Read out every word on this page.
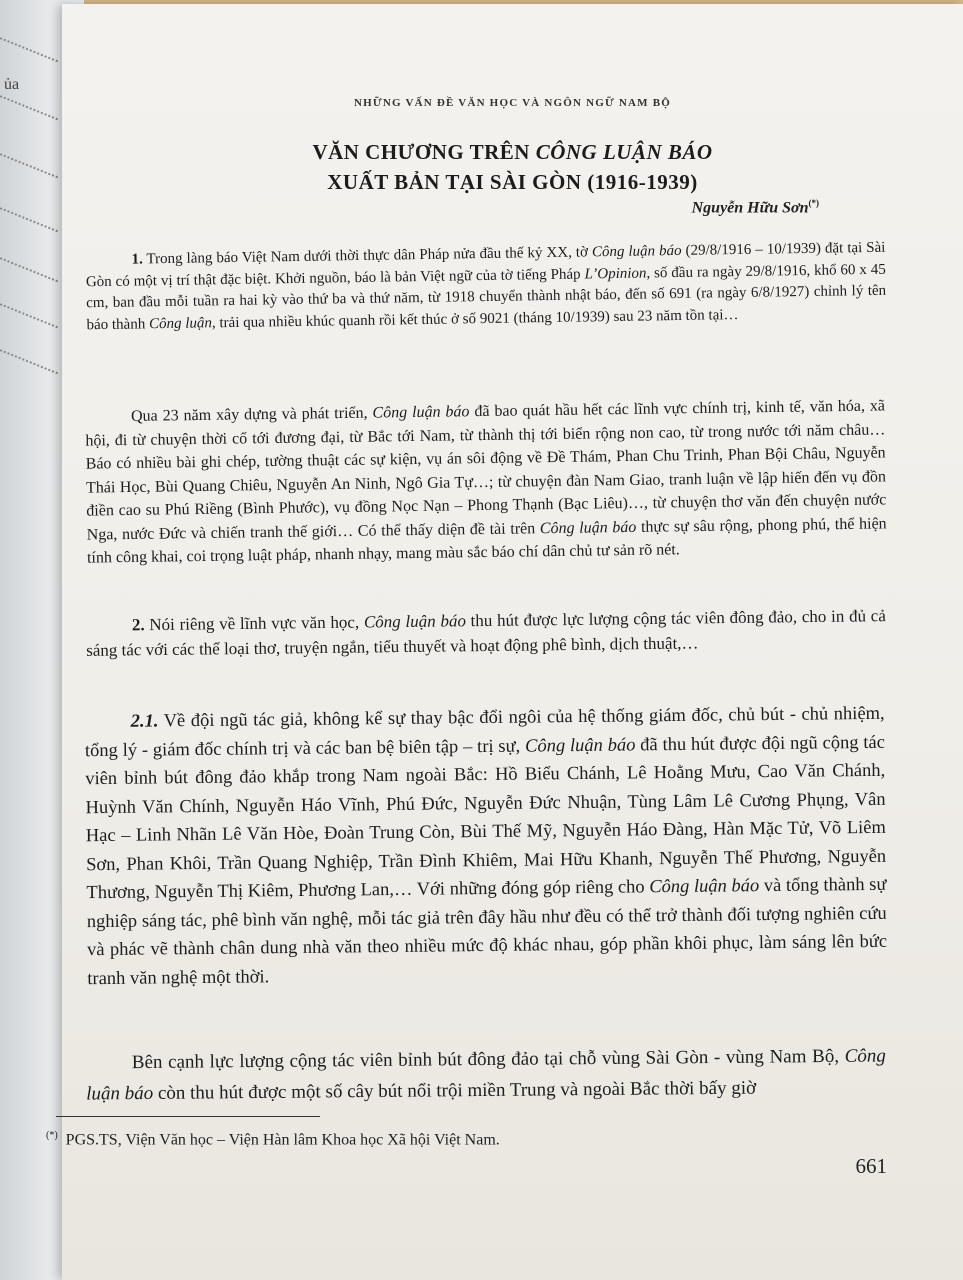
ủa
NHỮNG VẤN ĐỀ VĂN HỌC VÀ NGÔN NGỮ NAM BỘ
VĂN CHƯƠNG TRÊN CÔNG LUẬN BÁO
XUẤT BẢN TẠI SÀI GÒN (1916-1939)
Nguyễn Hữu Sơn(*)

1. Trong làng báo Việt Nam dưới thời thực dân Pháp nửa đầu thế kỷ XX, tờ Công luận báo (29/8/1916 – 10/1939) đặt tại Sài Gòn có một vị trí thật đặc biệt. Khởi nguồn, báo là bản Việt ngữ của tờ tiếng Pháp L’Opinion, số đầu ra ngày 29/8/1916, khổ 60 x 45 cm, ban đầu mỗi tuần ra hai kỳ vào thứ ba và thứ năm, từ 1918 chuyển thành nhật báo, đến số 691 (ra ngày 6/8/1927) chỉnh lý tên báo thành Công luận, trải qua nhiều khúc quanh rồi kết thúc ở số 9021 (tháng 10/1939) sau 23 năm tồn tại…

Qua 23 năm xây dựng và phát triển, Công luận báo đã bao quát hầu hết các lĩnh vực chính trị, kinh tế, văn hóa, xã hội, đi từ chuyện thời cổ tới đương đại, từ Bắc tới Nam, từ thành thị tới biển rộng non cao, từ trong nước tới năm châu… Báo có nhiều bài ghi chép, tường thuật các sự kiện, vụ án sôi động về Đề Thám, Phan Chu Trinh, Phan Bội Châu, Nguyễn Thái Học, Bùi Quang Chiêu, Nguyễn An Ninh, Ngô Gia Tự…; từ chuyện đàn Nam Giao, tranh luận về lập hiến đến vụ đồn điền cao su Phú Riềng (Bình Phước), vụ đồng Nọc Nạn – Phong Thạnh (Bạc Liêu)…, từ chuyện thơ văn đến chuyện nước Nga, nước Đức và chiến tranh thế giới… Có thể thấy diện đề tài trên Công luận báo thực sự sâu rộng, phong phú, thể hiện tính công khai, coi trọng luật pháp, nhanh nhạy, mang màu sắc báo chí dân chủ tư sản rõ nét.

2. Nói riêng về lĩnh vực văn học, Công luận báo thu hút được lực lượng cộng tác viên đông đảo, cho in đủ cả sáng tác với các thể loại thơ, truyện ngắn, tiểu thuyết và hoạt động phê bình, dịch thuật,…

2.1. Về đội ngũ tác giả, không kể sự thay bậc đổi ngôi của hệ thống giám đốc, chủ bút - chủ nhiệm, tổng lý - giám đốc chính trị và các ban bệ biên tập – trị sự, Công luận báo đã thu hút được đội ngũ cộng tác viên bỉnh bút đông đảo khắp trong Nam ngoài Bắc: Hồ Biểu Chánh, Lê Hoằng Mưu, Cao Văn Chánh, Huỳnh Văn Chính, Nguyễn Háo Vĩnh, Phú Đức, Nguyễn Đức Nhuận, Tùng Lâm Lê Cương Phụng, Vân Hạc – Linh Nhãn Lê Văn Hòe, Đoàn Trung Còn, Bùi Thế Mỹ, Nguyễn Háo Đàng, Hàn Mặc Tử, Võ Liêm Sơn, Phan Khôi, Trần Quang Nghiệp, Trần Đình Khiêm, Mai Hữu Khanh, Nguyễn Thế Phương, Nguyễn Thương, Nguyễn Thị Kiêm, Phương Lan,… Với những đóng góp riêng cho Công luận báo và tổng thành sự nghiệp sáng tác, phê bình văn nghệ, mỗi tác giả trên đây hầu như đều có thể trở thành đối tượng nghiên cứu và phác vẽ thành chân dung nhà văn theo nhiều mức độ khác nhau, góp phần khôi phục, làm sáng lên bức tranh văn nghệ một thời.

Bên cạnh lực lượng cộng tác viên bỉnh bút đông đảo tại chỗ vùng Sài Gòn - vùng Nam Bộ, Công luận báo còn thu hút được một số cây bút nổi trội miền Trung và ngoài Bắc thời bấy giờ

(*) PGS.TS, Viện Văn học – Viện Hàn lâm Khoa học Xã hội Việt Nam.
661
